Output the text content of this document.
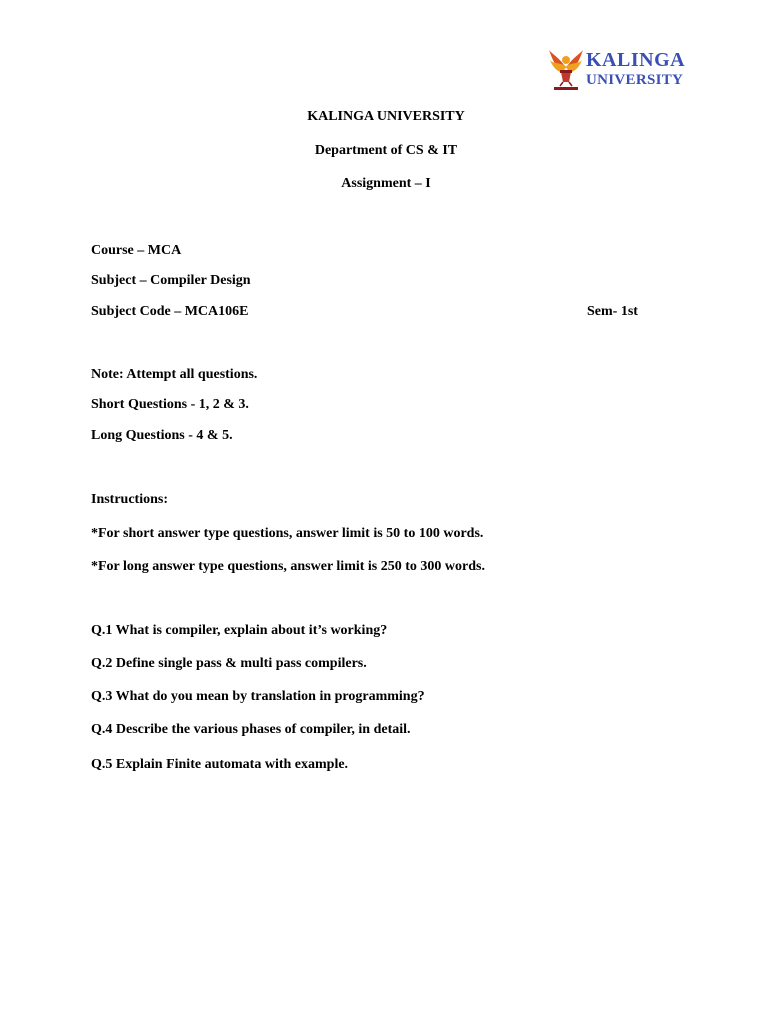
KALINGA
UNIVERSITY
KALINGA UNIVERSITY
Department of CS & IT
Assignment – I
Course – MCA
Subject – Compiler Design
Subject Code – MCA106E	Sem- 1st
Note: Attempt all questions.
Short Questions - 1, 2 & 3.
Long Questions - 4 & 5.
Instructions:
*For short answer type questions, answer limit is 50 to 100 words.
*For long answer type questions, answer limit is 250 to 300 words.
Q.1 What is compiler, explain about it’s working?
Q.2 Define single pass & multi pass compilers.
Q.3 What do you mean by translation in programming?
Q.4 Describe the various phases of compiler, in detail.
Q.5 Explain Finite automata with example.
